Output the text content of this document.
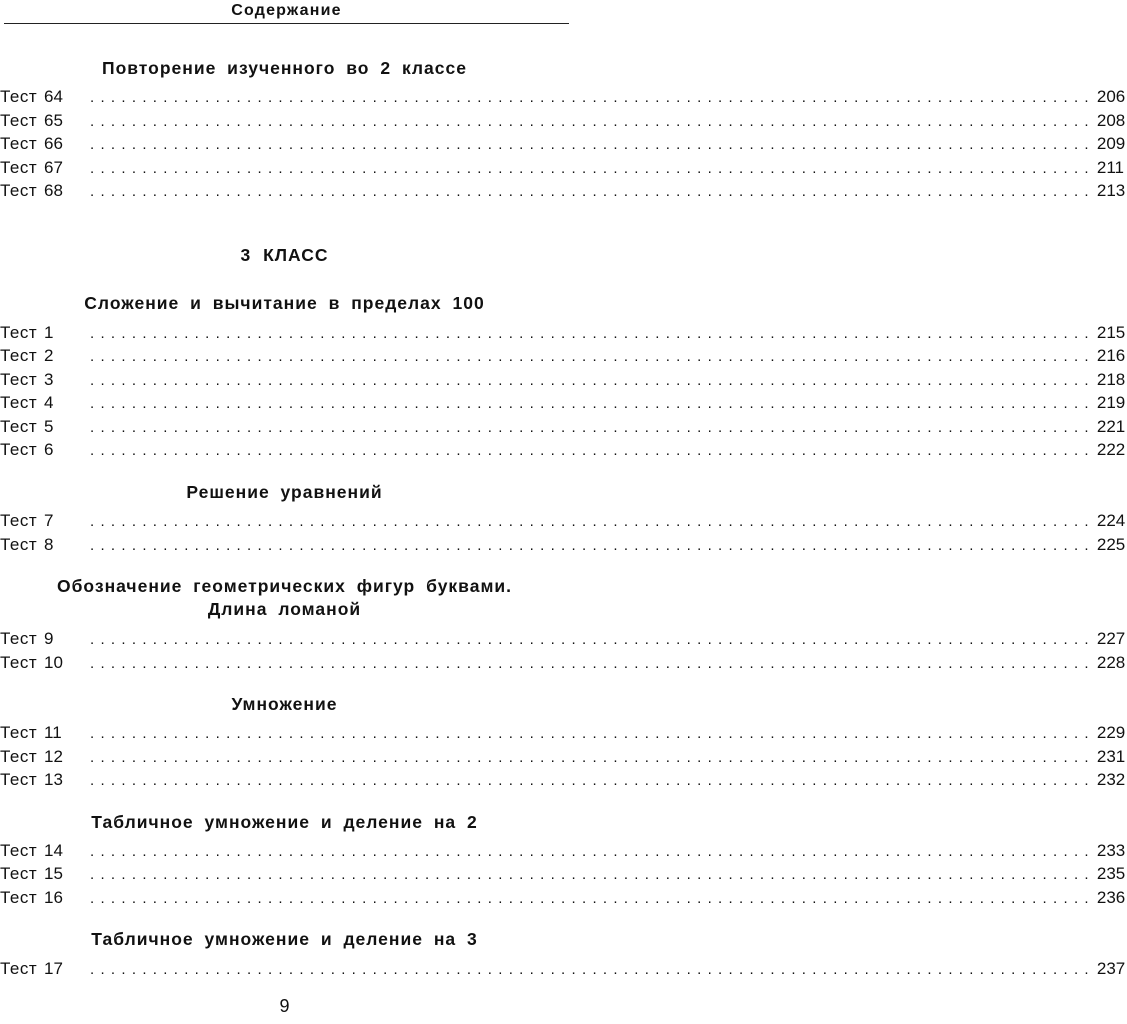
Содержание
Повторение изученного во 2 классе
Тест 64	................................................................................................ 206
Тест 65	................................................................................................ 208
Тест 66	................................................................................................ 209
Тест 67	................................................................................................ 211
Тест 68	................................................................................................ 213
3 КЛАСС
Сложение и вычитание в пределах 100
Тест 1	................................................................................................ 215
Тест 2	................................................................................................ 216
Тест 3	................................................................................................ 218
Тест 4	................................................................................................ 219
Тест 5	................................................................................................ 221
Тест 6	................................................................................................ 222
Решение уравнений
Тест 7	................................................................................................ 224
Тест 8	................................................................................................ 225
Обозначение геометрических фигур буквами.
Длина ломаной
Тест 9	................................................................................................ 227
Тест 10	................................................................................................ 228
Умножение
Тест 11	................................................................................................ 229
Тест 12	................................................................................................ 231
Тест 13	................................................................................................ 232
Табличное умножение и деление на 2
Тест 14	................................................................................................ 233
Тест 15	................................................................................................ 235
Тест 16	................................................................................................ 236
Табличное умножение и деление на 3
Тест 17	................................................................................................ 237
9
